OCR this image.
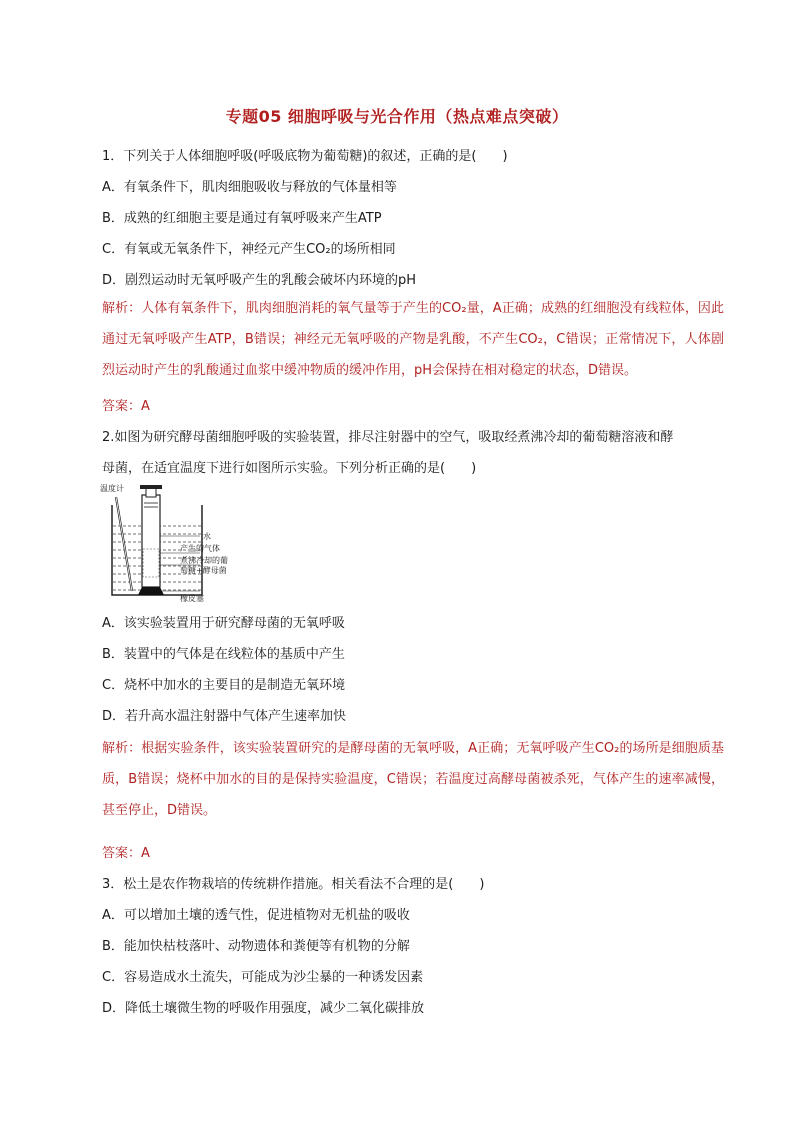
专题05 细胞呼吸与光合作用（热点难点突破）
1．下列关于人体细胞呼吸(呼吸底物为葡萄糖)的叙述，正确的是(　　)
A．有氧条件下，肌肉细胞吸收与释放的气体量相等
B．成熟的红细胞主要是通过有氧呼吸来产生ATP
C．有氧或无氧条件下，神经元产生CO₂的场所相同
D．剧烈运动时无氧呼吸产生的乳酸会破坏内环境的pH
解析：人体有氧条件下，肌肉细胞消耗的氧气量等于产生的CO₂量，A正确；成熟的红细胞没有线粒体，因此通过无氧呼吸产生ATP，B错误；神经元无氧呼吸的产物是乳酸，不产生CO₂，C错误；正常情况下，人体剧烈运动时产生的乳酸通过血浆中缓冲物质的缓冲作用，pH会保持在相对稳定的状态，D错误。
答案：A
2.如图为研究酵母菌细胞呼吸的实验装置，排尽注射器中的空气，吸取经煮沸冷却的葡萄糖溶液和酵
母菌，在适宜温度下进行如图所示实验。下列分析正确的是(　　)
温度计
水
产生的气体
煮沸冷却的葡
萄糖+酵母菌
橡皮塞
A．该实验装置用于研究酵母菌的无氧呼吸
B．装置中的气体是在线粒体的基质中产生
C．烧杯中加水的主要目的是制造无氧环境
D．若升高水温注射器中气体产生速率加快
解析：根据实验条件，该实验装置研究的是酵母菌的无氧呼吸，A正确；无氧呼吸产生CO₂的场所是细胞质基质，B错误；烧杯中加水的目的是保持实验温度，C错误；若温度过高酵母菌被杀死，气体产生的速率减慢，甚至停止，D错误。
答案：A
3．松土是农作物栽培的传统耕作措施。相关看法不合理的是(　　)
A．可以增加土壤的透气性，促进植物对无机盐的吸收
B．能加快枯枝落叶、动物遗体和粪便等有机物的分解
C．容易造成水土流失，可能成为沙尘暴的一种诱发因素
D．降低土壤微生物的呼吸作用强度，减少二氧化碳排放
